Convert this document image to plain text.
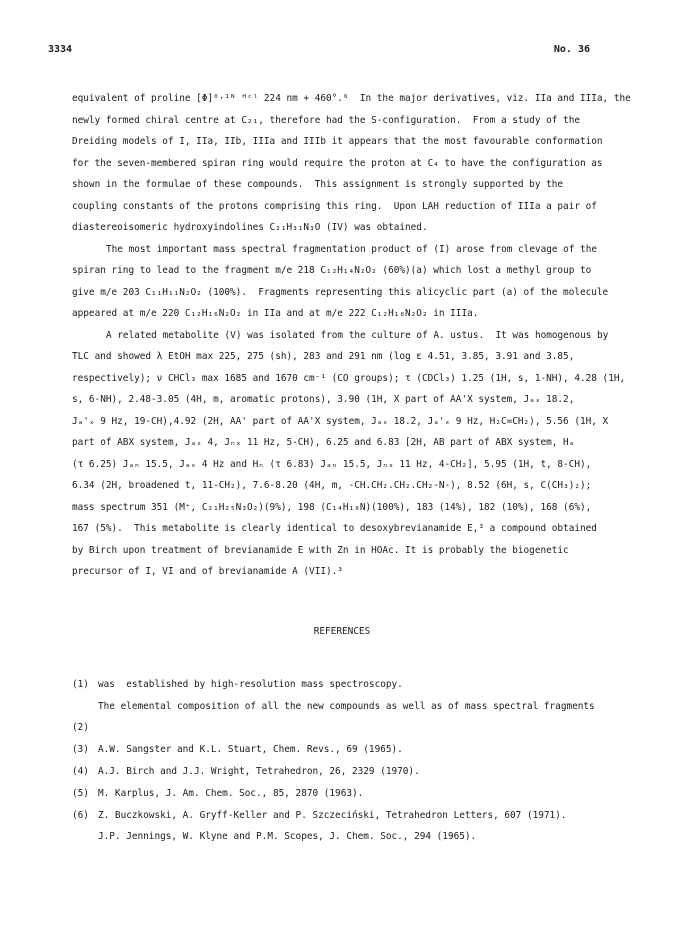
3334	No. 36
equivalent of proline [Φ]⁰·¹ᴺ ᴴᶜˡ 224 nm + 460°.⁶  In the major derivatives, viz. IIa and IIIa, the
newly formed chiral centre at C₂₁, therefore had the S-configuration.  From a study of the
Dreiding models of I, IIa, IIb, IIIa and IIIb it appears that the most favourable conformation
for the seven-membered spiran ring would require the proton at C₄ to have the configuration as
shown in the formulae of these compounds.  This assignment is strongly supported by the
coupling constants of the protons comprising this ring.  Upon LAH reduction of IIIa a pair of
diastereoisomeric hydroxyindolines C₂₁H₃₁N₃O (IV) was obtained.
The most important mass spectral fragmentation product of (I) arose from clevage of the
spiran ring to lead to the fragment m/e 218 C₁₂H₁₄N₂O₂ (60%)(a) which lost a methyl group to
give m/e 203 C₁₁H₁₁N₂O₂ (100%).  Fragments representing this alicyclic part (a) of the molecule
appeared at m/e 220 C₁₂H₁₆N₂O₂ in IIa and at m/e 222 C₁₂H₁₈N₂O₂ in IIIa.
A related metabolite (V) was isolated from the culture of A. ustus.  It was homogenous by
TLC and showed λ EtOH max 225, 275 (sh), 283 and 291 nm (log ε 4.51, 3.85, 3.91 and 3.85,
respectively); ν CHCl₃ max 1685 and 1670 cm⁻¹ (CO groups); τ (CDCl₃) 1.25 (1H, s, 1-NH), 4.28 (1H,
s, 6-NH), 2.48-3.05 (4H, m, aromatic protons), 3.90 (1H, X part of AA'X system, Jₐₓ 18.2,
Jₐ'ₓ 9 Hz, 19-CH),4.92 (2H, AA' part of AA'X system, Jₐₓ 18.2, Jₐ'ₓ 9 Hz, H₂C=CH₂), 5.56 (1H, X
part of ABX system, Jₐₓ 4, Jₙₓ 11 Hz, 5-CH), 6.25 and 6.83 [2H, AB part of ABX system, Hₐ
(τ 6.25) Jₐₙ 15.5, Jₐₓ 4 Hz and Hₙ (τ 6.83) Jₐₙ 15.5, Jₙₓ 11 Hz, 4-CH₂], 5.95 (1H, t, 8-CH),
6.34 (2H, broadened t, 11-CH₂), 7.6-8.20 (4H, m, -CH.CH₂.CH₂.CH₂-N-), 8.52 (6H, s, C(CH₃)₂);
mass spectrum 351 (M⁺, C₂₁H₂₅N₃O₂)(9%), 198 (C₁₄H₁₈N)(100%), 183 (14%), 182 (10%), 168 (6%),
167 (5%).  This metabolite is clearly identical to desoxybrevianamide E,³ a compound obtained
by Birch upon treatment of brevianamide E with Zn in HOAc. It is probably the biogenetic
precursor of I, VI and of brevianamide A (VII).³
REFERENCES

(1)

The elemental composition of all the new compounds as well as of mass spectral fragments

was  established by high-resolution mass spectroscopy.

(2)

A.W. Sangster and K.L. Stuart, Chem. Revs., 69 (1965).

(3)

A.J. Birch and J.J. Wright, Tetrahedron, 26, 2329 (1970).

(4)

M. Karplus, J. Am. Chem. Soc., 85, 2870 (1963).

(5)

Z. Buczkowski, A. Gryff-Keller and P. Szczeciński, Tetrahedron Letters, 607 (1971).

(6)

J.P. Jennings, W. Klyne and P.M. Scopes, J. Chem. Soc., 294 (1965).
